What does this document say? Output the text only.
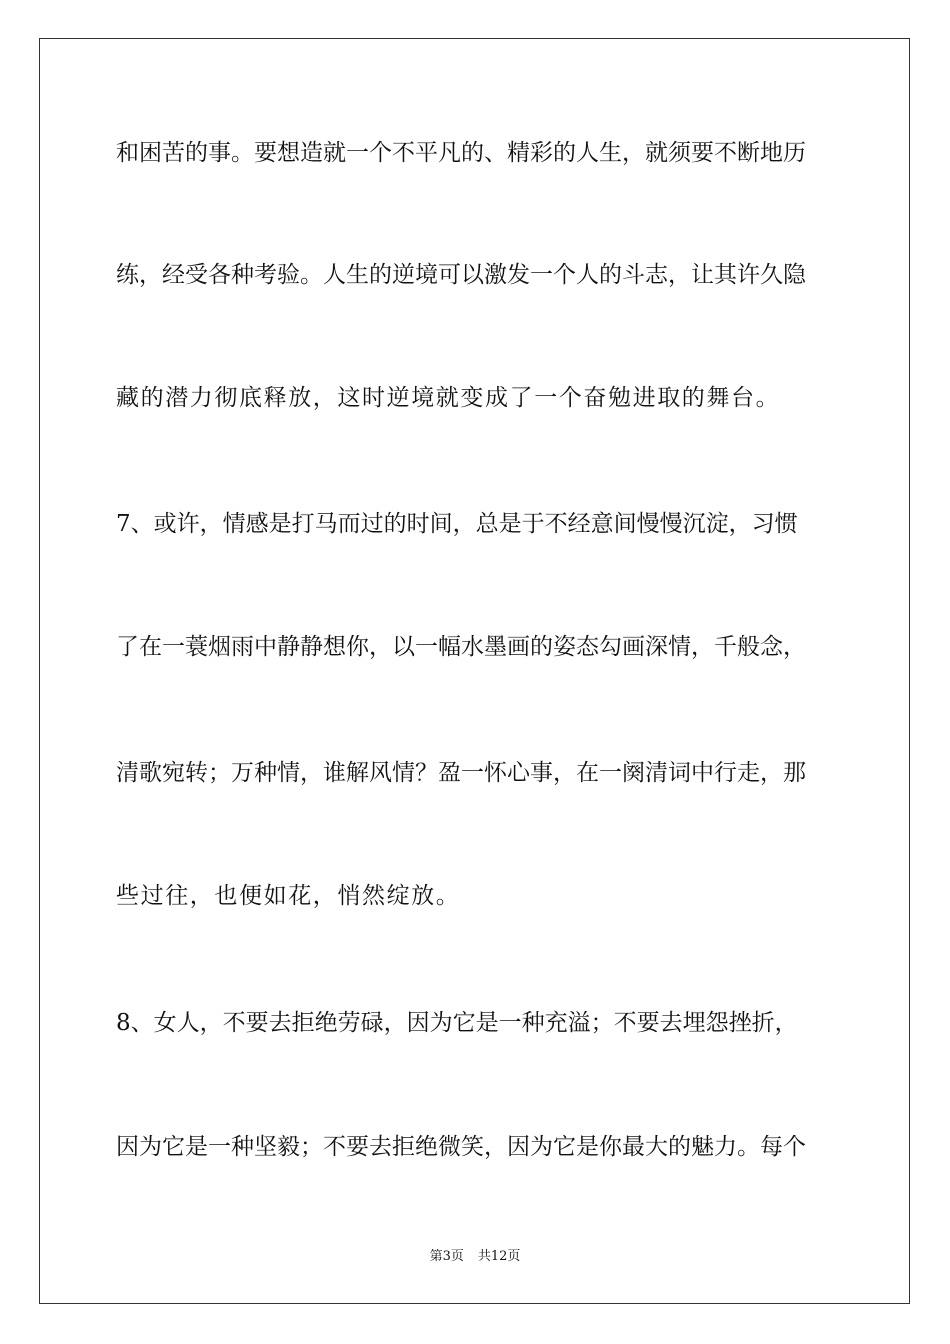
和困苦的事。要想造就一个不平凡的、精彩的人生，就须要不断地历
练，经受各种考验。人生的逆境可以激发一个人的斗志，让其许久隐
藏的潜力彻底释放，这时逆境就变成了一个奋勉进取的舞台。
7、或许，情感是打马而过的时间，总是于不经意间慢慢沉淀，习惯
了在一蓑烟雨中静静想你，以一幅水墨画的姿态勾画深情，千般念，
清歌宛转；万种情，谁解风情？盈一怀心事，在一阕清词中行走，那
些过往，也便如花，悄然绽放。
8、女人，不要去拒绝劳碌，因为它是一种充溢；不要去埋怨挫折，
因为它是一种坚毅；不要去拒绝微笑，因为它是你最大的魅力。每个
第3页 共12页
